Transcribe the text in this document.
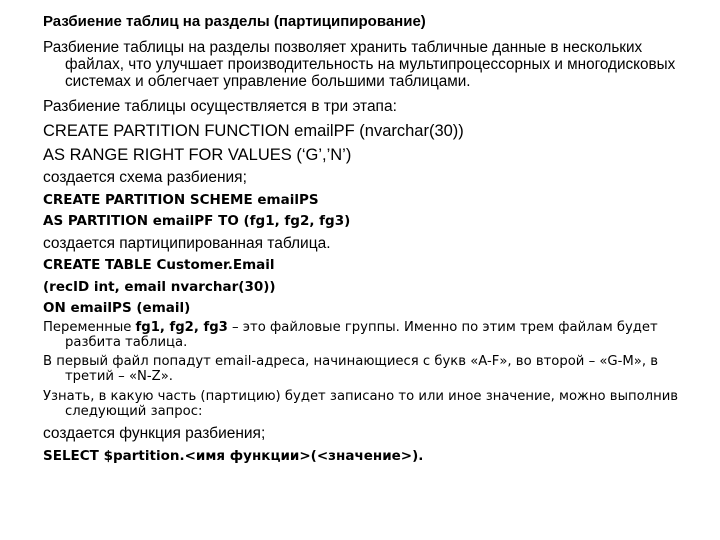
Разбиение таблиц на разделы (партиципирование)

Разбиение таблицы на разделы позволяет хранить табличные данные в нескольких файлах, что улучшает производительность на мультипроцессорных и многодисковых системах и облегчает управление большими таблицами.

Разбиение таблицы осуществляется в три этапа:

CREATE PARTITION FUNCTION emailPF (nvarchar(30))

AS RANGE RIGHT FOR VALUES (‘G’,’N’)

создается схема разбиения;

CREATE PARTITION SCHEME emailPS

AS PARTITION emailPF TO (fg1, fg2, fg3)

создается партиципированная таблица.

CREATE TABLE Customer.Email

(recID int, email nvarchar(30))

ON emailPS (email)

Переменные fg1, fg2, fg3 – это файловые группы. Именно по этим трем файлам будет разбита таблица.

В первый файл попадут email-адреса, начинающиеся с букв «A-F», во второй – «G-M», в третий – «N-Z».

Узнать, в какую часть (партицию) будет записано то или иное значение, можно выполнив следующий запрос:

создается функция разбиения;

SELECT $partition.<имя функции>(<значение>).
